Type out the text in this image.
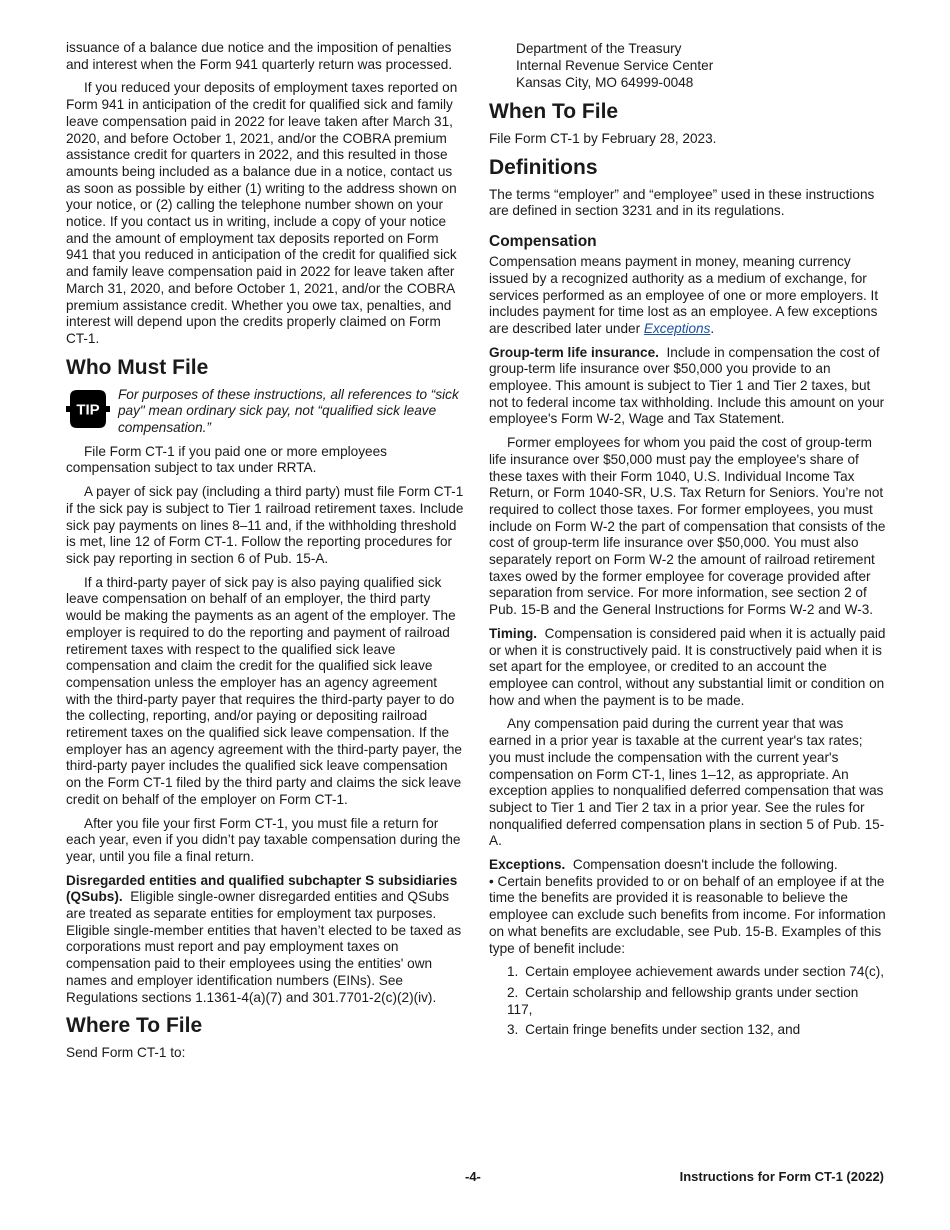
issuance of a balance due notice and the imposition of penalties and interest when the Form 941 quarterly return was processed.

If you reduced your deposits of employment taxes reported on Form 941 in anticipation of the credit for qualified sick and family leave compensation paid in 2022 for leave taken after March 31, 2020, and before October 1, 2021, and/or the COBRA premium assistance credit for quarters in 2022, and this resulted in those amounts being included as a balance due in a notice, contact us as soon as possible by either (1) writing to the address shown on your notice, or (2) calling the telephone number shown on your notice. If you contact us in writing, include a copy of your notice and the amount of employment tax deposits reported on Form 941 that you reduced in anticipation of the credit for qualified sick and family leave compensation paid in 2022 for leave taken after March 31, 2020, and before October 1, 2021, and/or the COBRA premium assistance credit. Whether you owe tax, penalties, and interest will depend upon the credits properly claimed on Form CT-1.

Who Must File
TIP
For purposes of these instructions, all references to “sick pay" mean ordinary sick pay, not “qualified sick leave compensation.”

File Form CT-1 if you paid one or more employees compensation subject to tax under RRTA.

A payer of sick pay (including a third party) must file Form CT-1 if the sick pay is subject to Tier 1 railroad retirement taxes. Include sick pay payments on lines 8–11 and, if the withholding threshold is met, line 12 of Form CT-1. Follow the reporting procedures for sick pay reporting in section 6 of Pub. 15-A.

If a third-party payer of sick pay is also paying qualified sick leave compensation on behalf of an employer, the third party would be making the payments as an agent of the employer. The employer is required to do the reporting and payment of railroad retirement taxes with respect to the qualified sick leave compensation and claim the credit for the qualified sick leave compensation unless the employer has an agency agreement with the third-party payer that requires the third-party payer to do the collecting, reporting, and/or paying or depositing railroad retirement taxes on the qualified sick leave compensation. If the employer has an agency agreement with the third-party payer, the third-party payer includes the qualified sick leave compensation on the Form CT-1 filed by the third party and claims the sick leave credit on behalf of the employer on Form CT-1.

After you file your first Form CT-1, you must file a return for each year, even if you didn’t pay taxable compensation during the year, until you file a final return.

Disregarded entities and qualified subchapter S subsidiaries (QSubs). Eligible single-owner disregarded entities and QSubs are treated as separate entities for employment tax purposes. Eligible single-member entities that haven’t elected to be taxed as corporations must report and pay employment taxes on compensation paid to their employees using the entities' own names and employer identification numbers (EINs). See Regulations sections 1.1361-4(a)(7) and 301.7701-2(c)(2)(iv).

Where To File

Send Form CT-1 to:

Department of the Treasury
Internal Revenue Service Center
Kansas City, MO 64999-0048
When To File

File Form CT-1 by February 28, 2023.

Definitions

The terms “employer” and “employee” used in these instructions are defined in section 3231 and in its regulations.

Compensation

Compensation means payment in money, meaning currency issued by a recognized authority as a medium of exchange, for services performed as an employee of one or more employers. It includes payment for time lost as an employee. A few exceptions are described later under Exceptions.

Group-term life insurance. Include in compensation the cost of group-term life insurance over $50,000 you provide to an employee. This amount is subject to Tier 1 and Tier 2 taxes, but not to federal income tax withholding. Include this amount on your employee's Form W-2, Wage and Tax Statement.

Former employees for whom you paid the cost of group-term life insurance over $50,000 must pay the employee's share of these taxes with their Form 1040, U.S. Individual Income Tax Return, or Form 1040-SR, U.S. Tax Return for Seniors. You’re not required to collect those taxes. For former employees, you must include on Form W-2 the part of compensation that consists of the cost of group-term life insurance over $50,000. You must also separately report on Form W-2 the amount of railroad retirement taxes owed by the former employee for coverage provided after separation from service. For more information, see section 2 of Pub. 15-B and the General Instructions for Forms W-2 and W-3.

Timing. Compensation is considered paid when it is actually paid or when it is constructively paid. It is constructively paid when it is set apart for the employee, or credited to an account the employee can control, without any substantial limit or condition on how and when the payment is to be made.

Any compensation paid during the current year that was earned in a prior year is taxable at the current year's tax rates; you must include the compensation with the current year's compensation on Form CT-1, lines 1–12, as appropriate. An exception applies to nonqualified deferred compensation that was subject to Tier 1 and Tier 2 tax in a prior year. See the rules for nonqualified deferred compensation plans in section 5 of Pub. 15-A.

Exceptions. Compensation doesn't include the following.

• Certain benefits provided to or on behalf of an employee if at the time the benefits are provided it is reasonable to believe the employee can exclude such benefits from income. For information on what benefits are excludable, see Pub. 15-B. Examples of this type of benefit include:

1. Certain employee achievement awards under section 74(c),

2. Certain scholarship and fellowship grants under section 117,

3. Certain fringe benefits under section 132, and

-4-	Instructions for Form CT-1 (2022)
